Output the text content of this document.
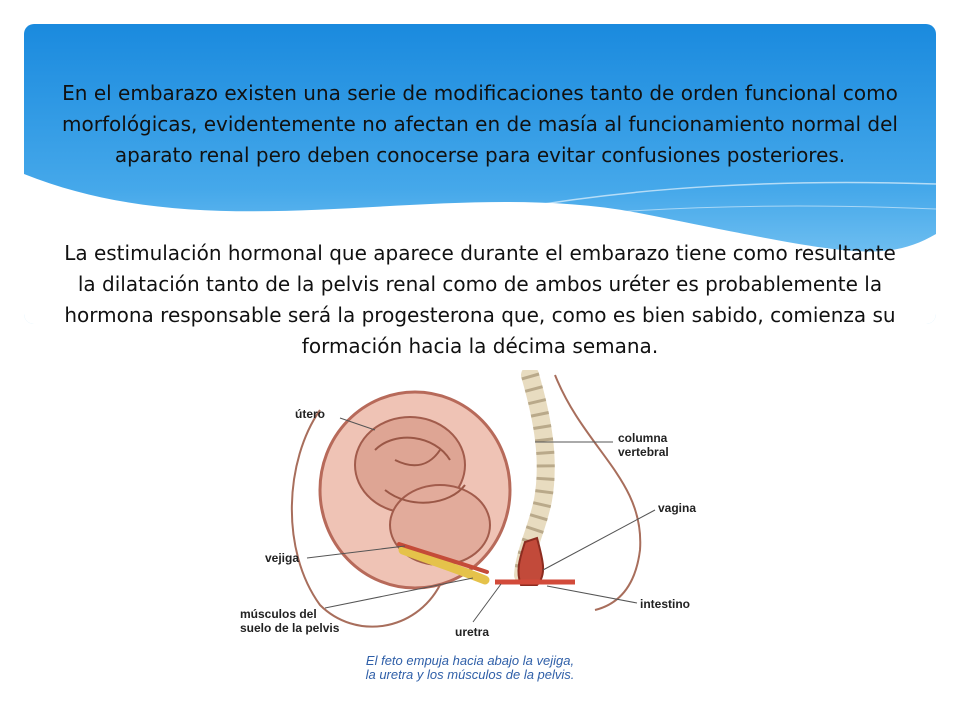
En el embarazo existen una serie de modificaciones tanto de orden funcional como morfológicas, evidentemente no afectan en de masía al funcionamiento normal del aparato renal pero deben conocerse para evitar confusiones posteriores.
La estimulación hormonal que aparece durante el embarazo tiene como resultante la dilatación tanto de la pelvis renal como de ambos uréter es probablemente la hormona responsable será la progesterona que, como es bien sabido, comienza su formación hacia la décima semana.
útero
columna
vertebral
vagina
vejiga
músculos del
suelo de la pelvis
intestino
uretra
El feto empuja hacia abajo la vejiga,
la uretra y los músculos de la pelvis.
